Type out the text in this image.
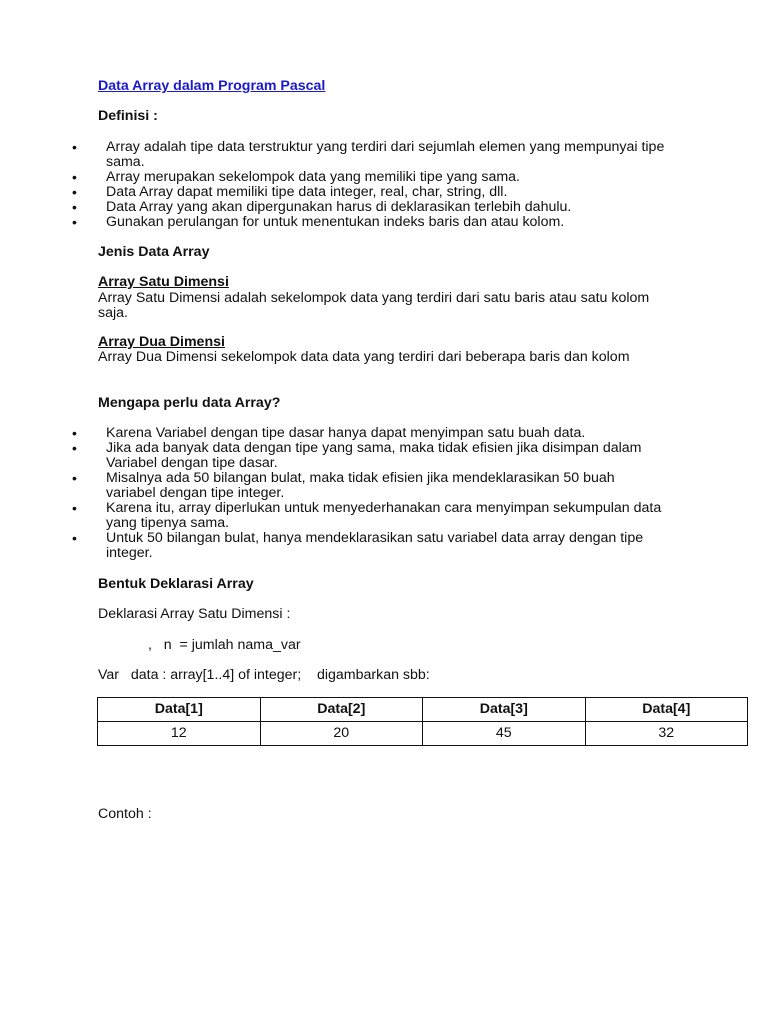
Data Array dalam Program Pascal
Definisi :
• Array adalah tipe data terstruktur yang terdiri dari sejumlah elemen yang mempunyai tipe sama.
• Array merupakan sekelompok data yang memiliki tipe yang sama.
• Data Array dapat memiliki tipe data integer, real, char, string, dll.
• Data Array yang akan dipergunakan harus di deklarasikan terlebih dahulu.
• Gunakan perulangan for untuk menentukan indeks baris dan atau kolom.
Jenis Data Array
Array Satu Dimensi
Array Satu Dimensi adalah sekelompok data yang terdiri dari satu baris atau satu kolom saja.
Array Dua Dimensi
Array Dua Dimensi sekelompok data data yang terdiri dari beberapa baris dan kolom
Mengapa perlu data Array?
• Karena Variabel dengan tipe dasar hanya dapat menyimpan satu buah data.
• Jika ada banyak data dengan tipe yang sama, maka tidak efisien jika disimpan dalam Variabel dengan tipe dasar.
• Misalnya ada 50 bilangan bulat, maka tidak efisien jika mendeklarasikan 50 buah variabel dengan tipe integer.
• Karena itu, array diperlukan untuk menyederhanakan cara menyimpan sekumpulan data yang tipenya sama.
• Untuk 50 bilangan bulat, hanya mendeklarasikan satu variabel data array dengan tipe integer.
Bentuk Deklarasi Array
Deklarasi Array Satu Dimensi :
,   n  = jumlah nama_var
Var   data : array[1..4] of integer;    digambarkan sbb:
Data[1]	Data[2]	Data[3]	Data[4]
12	20	45	32
Contoh :
